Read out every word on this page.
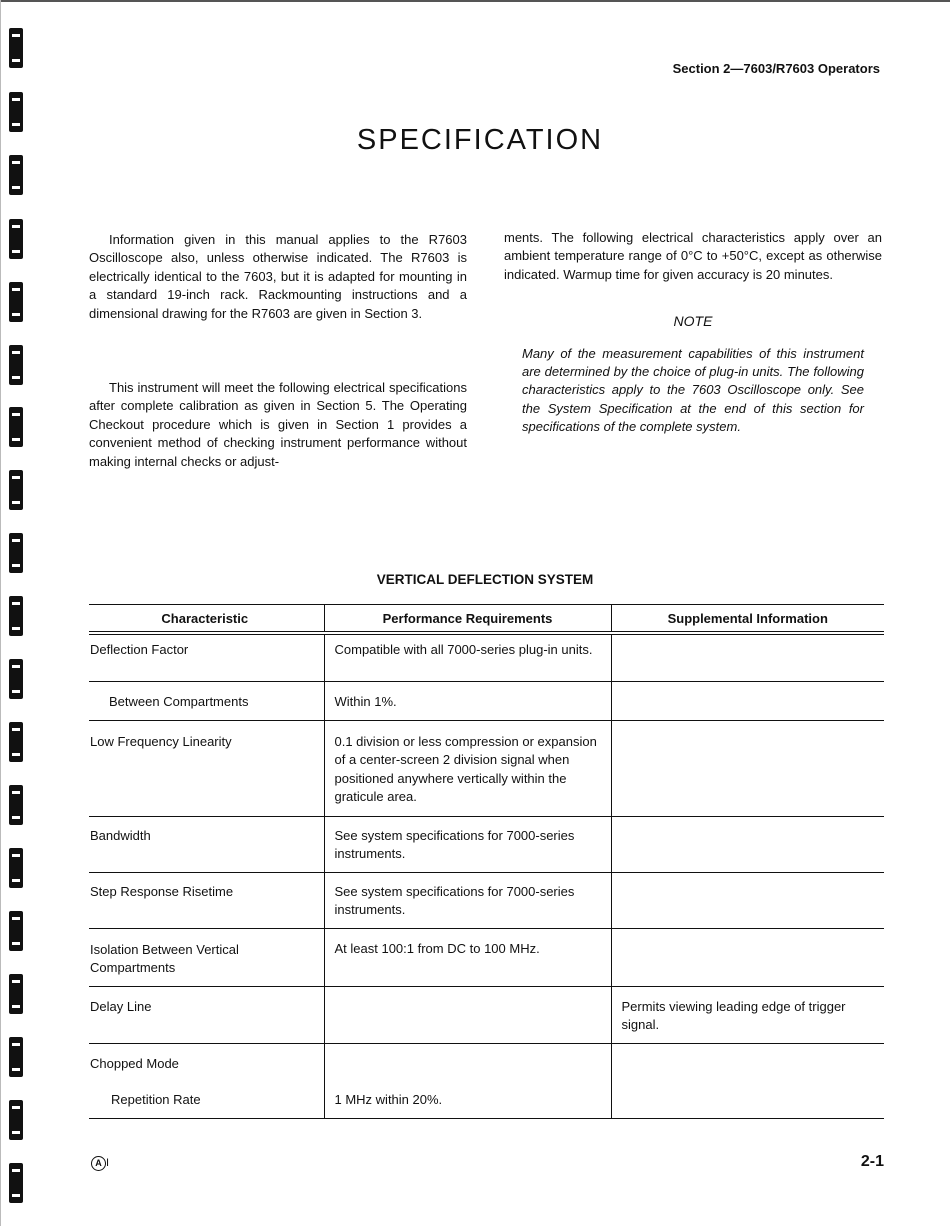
Section 2—7603/R7603 Operators
SPECIFICATION

Information given in this manual applies to the R7603 Oscilloscope also, unless otherwise indicated. The R7603 is electrically identical to the 7603, but it is adapted for mounting in a standard 19-inch rack. Rackmounting instructions and a dimensional drawing for the R7603 are given in Section 3.

This instrument will meet the following electrical specifications after complete calibration as given in Section 5. The Operating Checkout procedure which is given in Section 1 provides a convenient method of checking instrument performance without making internal checks or adjust-

ments. The following electrical characteristics apply over an ambient temperature range of 0°C to +50°C, except as otherwise indicated. Warmup time for given accuracy is 20 minutes.

NOTE

Many of the measurement capabilities of this instrument are determined by the choice of plug-in units. The following characteristics apply to the 7603 Oscilloscope only. See the System Specification at the end of this section for specifications of the complete system.

VERTICAL DEFLECTION SYSTEM
Characteristic	Performance Requirements	Supplemental Information
Deflection Factor	Compatible with all 7000-series plug-in units.	
Between Compartments	Within 1%.	
Low Frequency Linearity	0.1 division or less compression or expansion of a center-screen 2 division signal when positioned anywhere vertically within the graticule area.	
Bandwidth	See system specifications for 7000-series instruments.	
Step Response Risetime	See system specifications for 7000-series instruments.	
Isolation Between Vertical Compartments	At least 100:1 from DC to 100 MHz.	
Delay Line		Permits viewing leading edge of trigger signal.

Chopped Mode
Repetition Rate	1 MHz within 20%.	

A I	2-1
